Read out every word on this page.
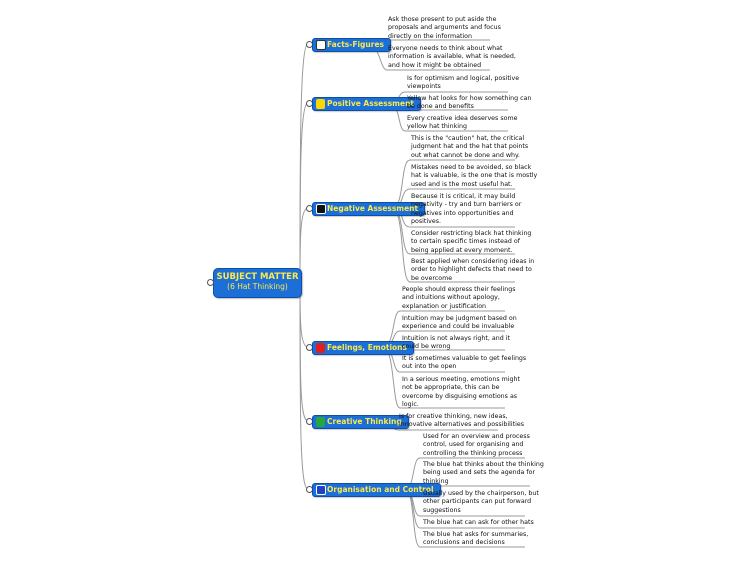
SUBJECT MATTER
(6 Hat Thinking)
Facts-Figures
Ask those present to put aside the
proposals and arguments and focus
directly on the information
Everyone needs to think about what
information is available, what is needed,
and how it might be obtained
Positive Assessment
Is for optimism and logical, positive
viewpoints
Yellow hat looks for how something can
be done and benefits
Every creative idea deserves some
yellow hat thinking
Negative Assessment
This is the "caution" hat, the critical
judgment hat and the hat that points
out what cannot be done and why.
Mistakes need to be avoided, so black
hat is valuable, is the one that is mostly
used and is the most useful hat.
Because it is critical, it may build
negativity - try and turn barriers or
negatives into opportunities and
positives.
Consider restricting black hat thinking
to certain specific times instead of
being applied at every moment.
Best applied when considering ideas in
order to highlight defects that need to
be overcome
Feelings, Emotions
People should express their feelings
and intuitions without apology,
explanation or justification
Intuition may be judgment based on
experience and could be invaluable
Intuition is not always right, and it
could be wrong
It is sometimes valuable to get feelings
out into the open
In a serious meeting, emotions might
not be appropriate, this can be
overcome by disguising emotions as
logic.
Creative Thinking
Is for creative thinking, new ideas,
innovative alternatives and possibilities
Organisation and Control
Used for an overview and process
control, used for organising and
controlling the thinking process
The blue hat thinks about the thinking
being used and sets the agenda for
thinking
Usually used by the chairperson, but
other participants can put forward
suggestions
The blue hat can ask for other hats
The blue hat asks for summaries,
conclusions and decisions
